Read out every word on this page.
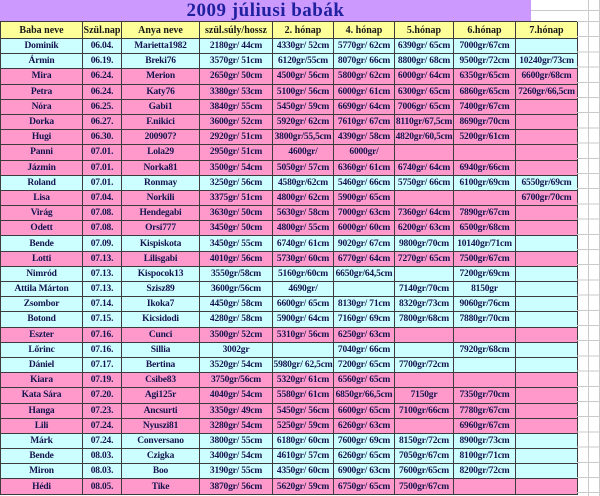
2009 júliusi babák
Baba neve	Szül.nap	Anya neve	szül.súly/hossz	2. hónap	4. hónap	5.hónap	6.hónap	7.hónap
Dominik	06.04.	Marietta1982	2180gr/ 44cm	4330gr/ 52cm	5770gr/ 62cm	6390gr/ 65cm	7000gr/67cm	
Ármin	06.19.	Breki76	3570gr/ 51cm	6120gr/55cm	8070gr/ 66cm	8800gr/ 68cm	9500gr/72cm	10240gr/73cm
Mira	06.24.	Merion	2650gr/ 50cm	4500gr/ 56cm	5800gr/ 62cm	6000gr/ 64cm	6350gr/65cm	6600gr/68cm
Petra	06.24.	Katy76	3380gr/ 53cm	5100gr/ 56cm	6000gr/ 61cm	6300gr/ 65cm	6860gr/65cm	7260gr/66,5cm
Nóra	06.25.	Gabi1	3840gr/ 55cm	5450gr/ 59cm	6690gr/ 64cm	7006gr/ 65cm	7400gr/67cm	
Dorka	06.27.	F.nikici	3600gr/ 52cm	5920gr/ 62cm	7610gr/ 67cm	8110gr/67,5cm	8690gr/70cm	
Hugi	06.30.	200907?	2920gr/ 51cm	3800gr/55,5cm	4390gr/ 58cm	4820gr/60,5cm	5200gr/61cm	
Panni	07.01.	Lola29	2950gr/ 51cm	4600gr/	6000gr/			
Jázmin	07.01.	Norka81	3500gr/ 54cm	5050gr/ 57cm	6360gr/ 61cm	6740gr/ 64cm	6940gr/66cm	
Roland	07.01.	Ronmay	3250gr/ 56cm	4580gr/62cm	5460gr/ 66cm	5750gr/ 66cm	6100gr/69cm	6550gr/69cm
Lisa	07.04.	Norkili	3375gr/ 51cm	4800gr/ 62cm	5900gr/ 65cm			6700gr/70cm
Virág	07.08.	Hendegabi	3630gr/ 50cm	5630gr/ 58cm	7000gr/ 63cm	7360gr/ 64cm	7890gr/67cm	
Odett	07.08.	Orsi777	3450gr/ 50cm	4800gr/ 55cm	6000gr/ 60cm	6200gr/ 63cm	6500gr/68cm	
Bende	07.09.	Kispiskota	3450gr/ 55cm	6740gr/ 61cm	9020gr/ 67cm	9800gr/70cm	10140gr/71cm	
Lotti	07.13.	Lilisgabi	4010gr/ 56cm	5730gr/ 60cm	6770gr/ 64cm	7270gr/ 65cm	7500gr/67cm	
Nimród	07.13.	Kispocok13	3550gr/58cm	5160gr/60cm	6650gr/64,5cm		7200gr/69cm	
Attila Márton	07.13.	Szisz89	3600gr/56cm	4690gr/		7140gr/70cm	8150gr	
Zsombor	07.14.	Ikoka7	4450gr/ 58cm	6600gr/ 65cm	8130gr/ 71cm	8320gr/73cm	9060gr/76cm	
Botond	07.15.	Kicsidodi	4280gr/ 58cm	5900gr/ 64cm	7160gr/ 69cm	7800gr/68cm	7880gr/70cm	
Eszter	07.16.	Cunci	3500gr/ 52cm	5310gr/ 56cm	6250gr/ 63cm			
Lőrinc	07.16.	Sillia	3002gr		7040gr/ 66cm		7920gr/68cm	
Dániel	07.17.	Bertina	3520gr/ 54cm	5980gr/ 62,5cm	7200gr/ 65cm	7700gr/72cm		
Kiara	07.19.	Csibe83	3750gr/56cm	5320gr/ 61cm	6560gr/ 65cm			
Kata Sára	07.20.	Agi125r	4040gr/ 54cm	5580gr/ 61cm	6850gr/66,5cm	7150gr	7350gr/70cm	
Hanga	07.23.	Ancsurti	3350gr/ 49cm	5450gr/ 56cm	6600gr/ 65cm	7100gr/66cm	7780gr/67cm	
Lili	07.24.	Nyuszi81	3280gr/ 54cm	5250gr/ 59cm	6260gr/ 63cm		6960gr/67cm	
Márk	07.24.	Conversano	3800gr/ 55cm	6180gr/ 60cm	7600gr/ 69cm	8150gr/72cm	8900gr/73cm	
Bende	08.03.	Czigka	3400gr/ 54cm	4610gr/ 57cm	6260gr/ 65cm	7050gr/67cm	8100gr/71cm	
Miron	08.03.	Boo	3190gr/ 55cm	4350gr/ 60cm	6900gr/ 63cm	7600gr/65cm	8200gr/72cm	
Hédi	08.05.	Tike	3870gr/ 56cm	5620gr/ 59cm	6750gr/ 65cm	7500gr/67cm		
